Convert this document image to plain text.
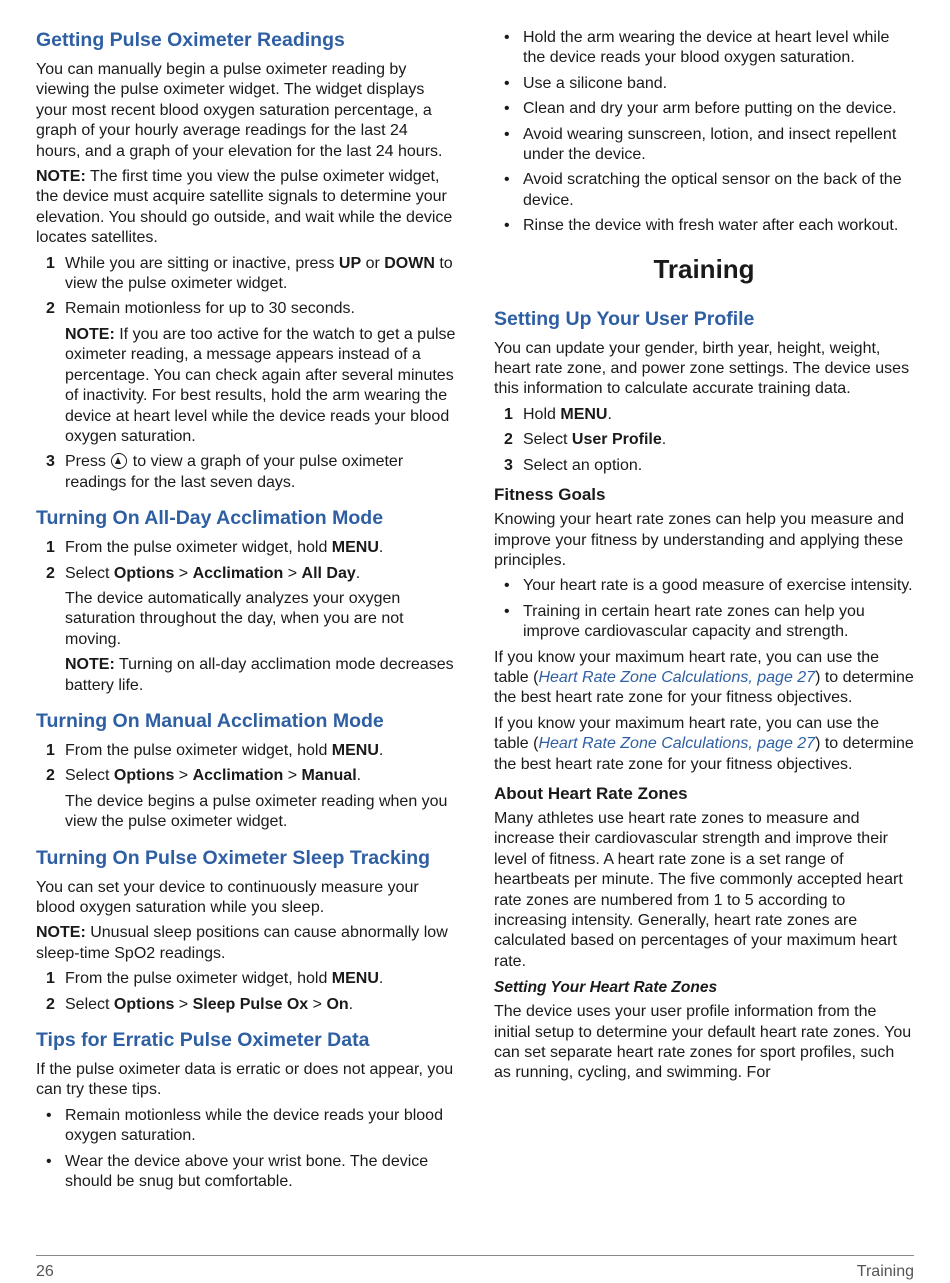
Getting Pulse Oximeter Readings

You can manually begin a pulse oximeter reading by viewing the pulse oximeter widget. The widget displays your most recent blood oxygen saturation percentage, a graph of your hourly average readings for the last 24 hours, and a graph of your elevation for the last 24 hours.

NOTE: The first time you view the pulse oximeter widget, the device must acquire satellite signals to determine your elevation. You should go outside, and wait while the device locates satellites.

1 While you are sitting or inactive, press UP or DOWN to view the pulse oximeter widget.
2 Remain motionless for up to 30 seconds.

NOTE: If you are too active for the watch to get a pulse oximeter reading, a message appears instead of a percentage. You can check again after several minutes of inactivity. For best results, hold the arm wearing the device at heart level while the device reads your blood oxygen saturation.

3 Press  to view a graph of your pulse oximeter readings for the last seven days.
Turning On All-Day Acclimation Mode
1 From the pulse oximeter widget, hold MENU.
2 Select Options > Acclimation > All Day.

The device automatically analyzes your oxygen saturation throughout the day, when you are not moving.

NOTE: Turning on all-day acclimation mode decreases battery life.

Turning On Manual Acclimation Mode
1 From the pulse oximeter widget, hold MENU.
2 Select Options > Acclimation > Manual.

The device begins a pulse oximeter reading when you view the pulse oximeter widget.

Turning On Pulse Oximeter Sleep Tracking

You can set your device to continuously measure your blood oxygen saturation while you sleep.

NOTE: Unusual sleep positions can cause abnormally low sleep-time SpO2 readings.

1 From the pulse oximeter widget, hold MENU.
2 Select Options > Sleep Pulse Ox > On.
Tips for Erratic Pulse Oximeter Data

If the pulse oximeter data is erratic or does not appear, you can try these tips.

• Remain motionless while the device reads your blood oxygen saturation.
• Wear the device above your wrist bone. The device should be snug but comfortable.
• Hold the arm wearing the device at heart level while the device reads your blood oxygen saturation.
• Use a silicone band.
• Clean and dry your arm before putting on the device.
• Avoid wearing sunscreen, lotion, and insect repellent under the device.
• Avoid scratching the optical sensor on the back of the device.
• Rinse the device with fresh water after each workout.
Training
Setting Up Your User Profile

You can update your gender, birth year, height, weight, heart rate zone, and power zone settings. The device uses this information to calculate accurate training data.

1 Hold MENU.
2 Select User Profile.
3 Select an option.
Fitness Goals

Knowing your heart rate zones can help you measure and improve your fitness by understanding and applying these principles.

• Your heart rate is a good measure of exercise intensity.
• Training in certain heart rate zones can help you improve cardiovascular capacity and strength.

If you know your maximum heart rate, you can use the table (Heart Rate Zone Calculations, page 27) to determine the best heart rate zone for your fitness objectives.

If you know your maximum heart rate, you can use the table (Heart Rate Zone Calculations, page 27) to determine the best heart rate zone for your fitness objectives.

About Heart Rate Zones

Many athletes use heart rate zones to measure and increase their cardiovascular strength and improve their level of fitness. A heart rate zone is a set range of heartbeats per minute. The five commonly accepted heart rate zones are numbered from 1 to 5 according to increasing intensity. Generally, heart rate zones are calculated based on percentages of your maximum heart rate.

Setting Your Heart Rate Zones

The device uses your user profile information from the initial setup to determine your default heart rate zones. You can set separate heart rate zones for sport profiles, such as running, cycling, and swimming. For

26	Training
